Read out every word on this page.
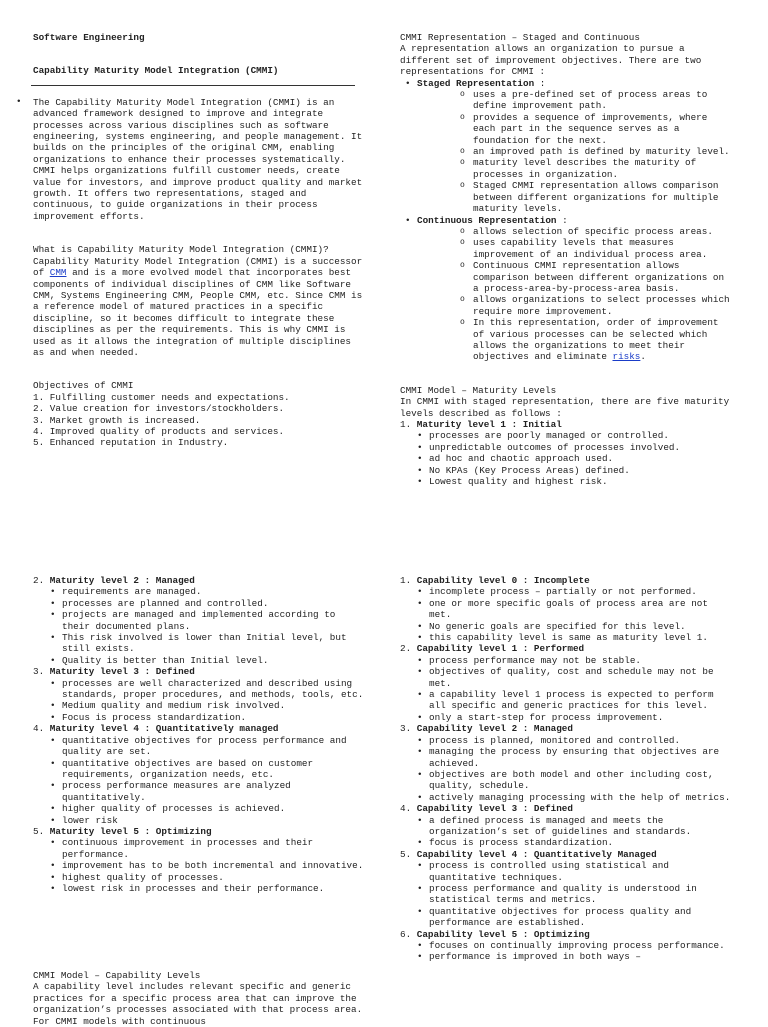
Software Engineering

Capability Maturity Model Integration (CMMI)

• The Capability Maturity Model Integration (CMMI) is an advanced framework designed to improve and integrate processes across various disciplines such as software engineering, systems engineering, and people management. It builds on the principles of the original CMM, enabling organizations to enhance their processes systematically. CMMI helps organizations fulfill customer needs, create value for investors, and improve product quality and market growth. It offers two representations, staged and continuous, to guide organizations in their process improvement efforts.

What is Capability Maturity Model Integration (CMMI)?

Capability Maturity Model Integration (CMMI) is a successor of CMM and is a more evolved model that incorporates best components of individual disciplines of CMM like Software CMM, Systems Engineering CMM, People CMM, etc. Since CMM is a reference model of matured practices in a specific discipline, so it becomes difficult to integrate these disciplines as per the requirements. This is why CMMI is used as it allows the integration of multiple disciplines as and when needed.

Objectives of CMMI

1. Fulfilling customer needs and expectations.

2. Value creation for investors/stockholders.

3. Market growth is increased.

4. Improved quality of products and services.

5. Enhanced reputation in Industry.

CMMI Representation – Staged and Continuous

A representation allows an organization to pursue a different set of improvement objectives. There are two representations for CMMI :

• Staged Representation :
o uses a pre-defined set of process areas to define improvement path.
o provides a sequence of improvements, where each part in the sequence serves as a foundation for the next.
o an improved path is defined by maturity level.
o maturity level describes the maturity of processes in organization.
o Staged CMMI representation allows comparison between different organizations for multiple maturity levels.
• Continuous Representation :
o allows selection of specific process areas.
o uses capability levels that measures improvement of an individual process area.
o Continuous CMMI representation allows comparison between different organizations on a process-area-by-process-area basis.
o allows organizations to select processes which require more improvement.
o In this representation, order of improvement of various processes can be selected which allows the organizations to meet their objectives and eliminate risks.

CMMI Model – Maturity Levels

In CMMI with staged representation, there are five maturity levels described as follows :

1. Maturity level 1 : Initial

• processes are poorly managed or controlled.
• unpredictable outcomes of processes involved.
• ad hoc and chaotic approach used.
• No KPAs (Key Process Areas) defined.
• Lowest quality and highest risk.

2. Maturity level 2 : Managed

• requirements are managed.
• processes are planned and controlled.
• projects are managed and implemented according to their documented plans.
• This risk involved is lower than Initial level, but still exists.
• Quality is better than Initial level.

3. Maturity level 3 : Defined

• processes are well characterized and described using standards, proper procedures, and methods, tools, etc.
• Medium quality and medium risk involved.
• Focus is process standardization.

4. Maturity level 4 : Quantitatively managed

• quantitative objectives for process performance and quality are set.
• quantitative objectives are based on customer requirements, organization needs, etc.
• process performance measures are analyzed quantitatively.
• higher quality of processes is achieved.
• lower risk

5. Maturity level 5 : Optimizing

• continuous improvement in processes and their performance.
• improvement has to be both incremental and innovative.
• highest quality of processes.
• lowest risk in processes and their performance.

CMMI Model – Capability Levels

A capability level includes relevant specific and generic practices for a specific process area that can improve the organization’s processes associated with that process area. For CMMI models with continuous

1. Capability level 0 : Incomplete

• incomplete process – partially or not performed.
• one or more specific goals of process area are not met.
• No generic goals are specified for this level.
• this capability level is same as maturity level 1.

2. Capability level 1 : Performed

• process performance may not be stable.
• objectives of quality, cost and schedule may not be met.
• a capability level 1 process is expected to perform all specific and generic practices for this level.
• only a start-step for process improvement.

3. Capability level 2 : Managed

• process is planned, monitored and controlled.
• managing the process by ensuring that objectives are achieved.
• objectives are both model and other including cost, quality, schedule.
• actively managing processing with the help of metrics.

4. Capability level 3 : Defined

• a defined process is managed and meets the organization’s set of guidelines and standards.
• focus is process standardization.

5. Capability level 4 : Quantitatively Managed

• process is controlled using statistical and quantitative techniques.
• process performance and quality is understood in statistical terms and metrics.
• quantitative objectives for process quality and performance are established.

6. Capability level 5 : Optimizing

• focuses on continually improving process performance.
• performance is improved in both ways –
